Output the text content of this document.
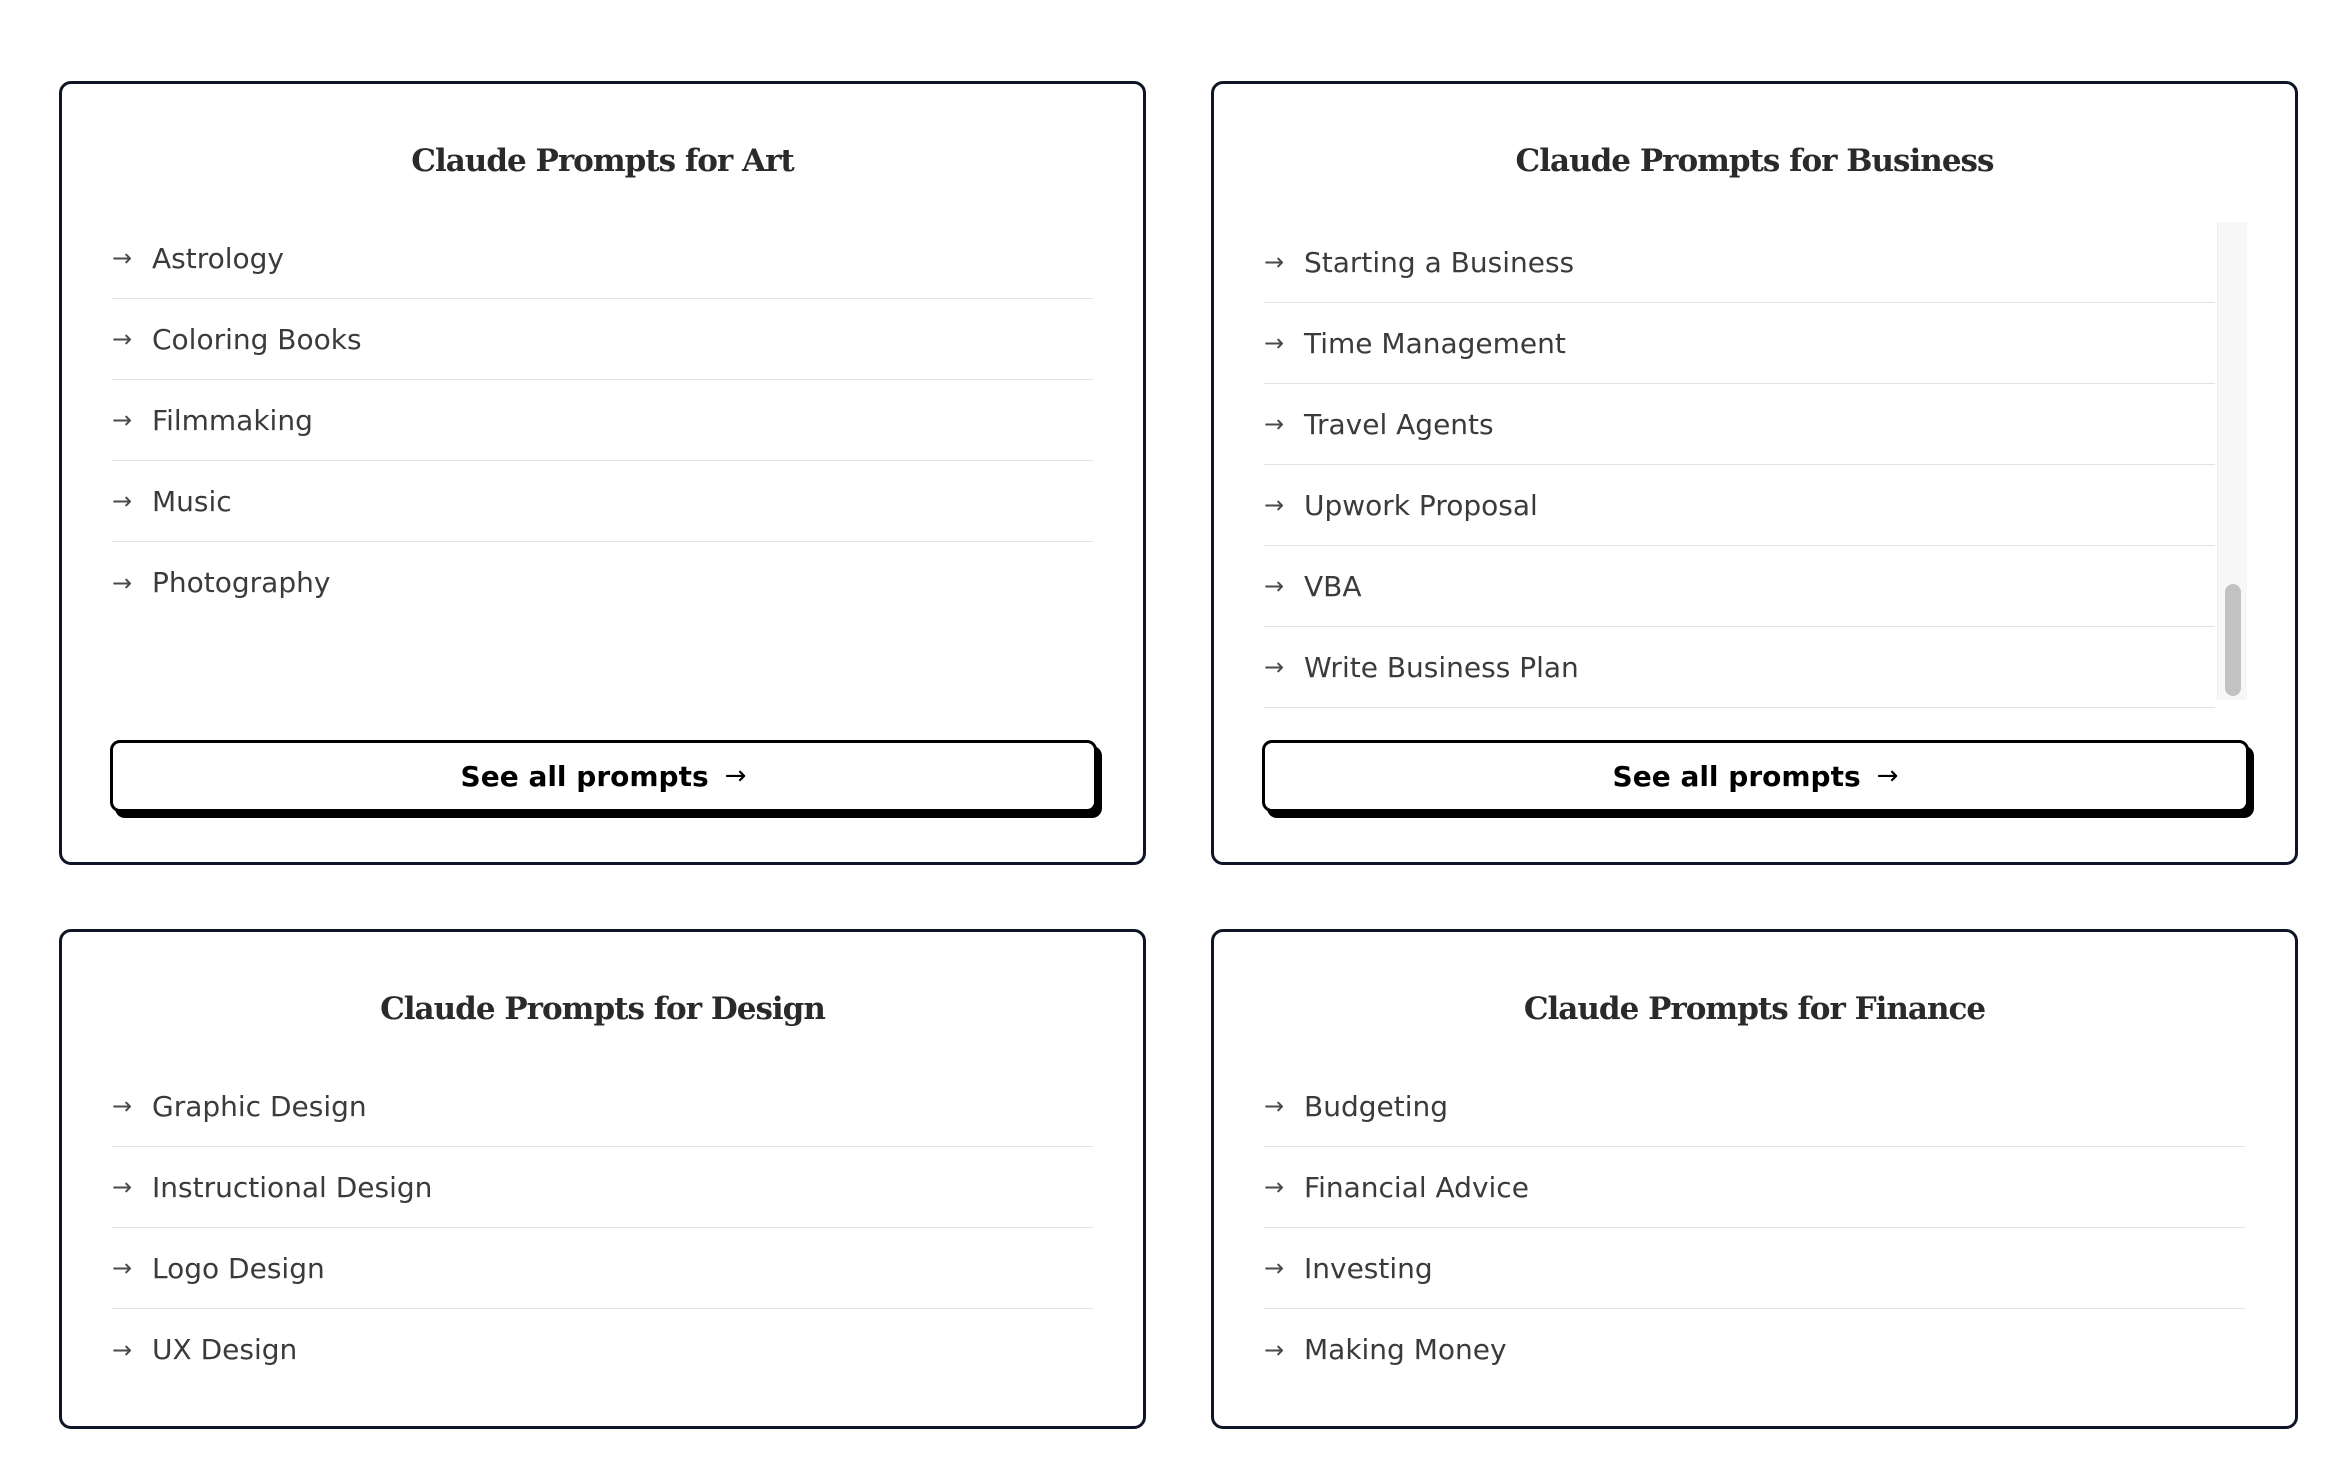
Claude Prompts for Art
→ Astrology
→ Coloring Books
→ Filmmaking
→ Music
→ Photography
See all prompts →
Claude Prompts for Business
→ Starting a Business
→ Time Management
→ Travel Agents
→ Upwork Proposal
→ VBA
→ Write Business Plan
See all prompts →
Claude Prompts for Design
→ Graphic Design
→ Instructional Design
→ Logo Design
→ UX Design
Claude Prompts for Finance
→ Budgeting
→ Financial Advice
→ Investing
→ Making Money
